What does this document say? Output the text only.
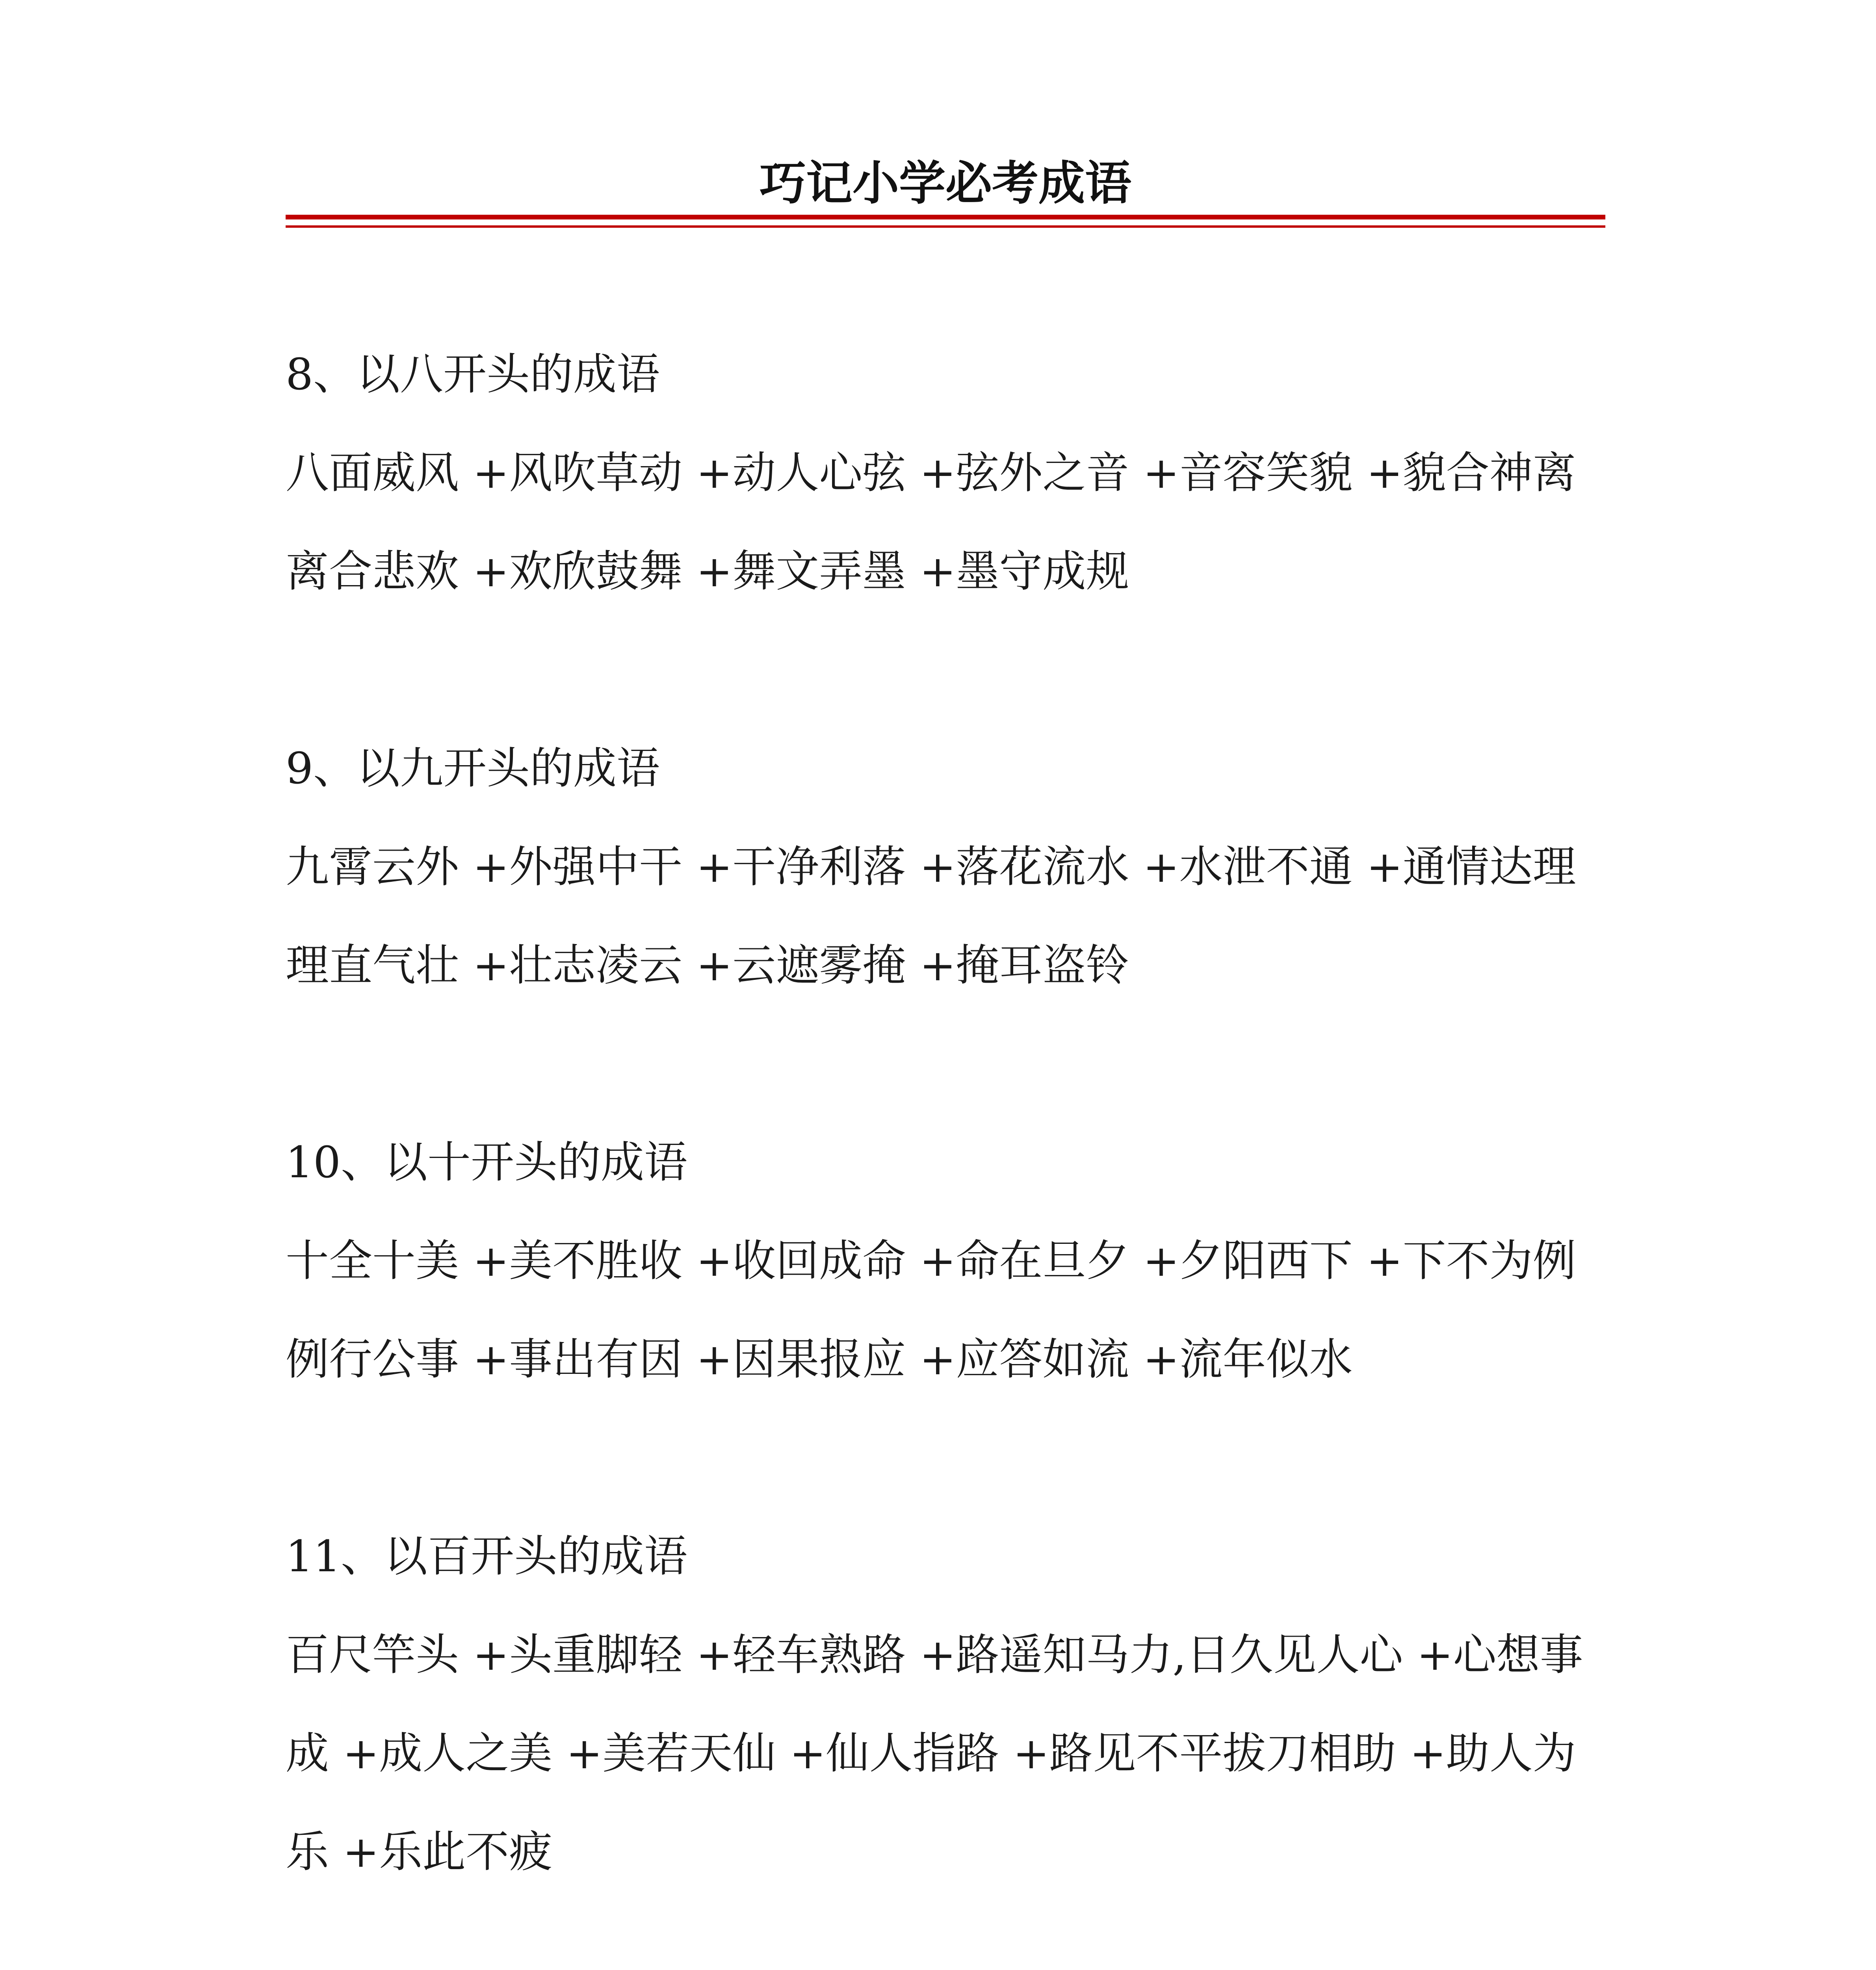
巧记小学必考成语
8、以八开头的成语
八面威风 +风吹草动 +动人心弦 +弦外之音 +音容笑貌 +貌合神离
离合悲欢 +欢欣鼓舞 +舞文弄墨 +墨守成规
9、以九开头的成语
九霄云外 +外强中干 +干净利落 +落花流水 +水泄不通 +通情达理
理直气壮 +壮志凌云 +云遮雾掩 +掩耳盗铃
10、以十开头的成语
十全十美 +美不胜收 +收回成命 +命在旦夕 +夕阳西下 +下不为例
例行公事 +事出有因 +因果报应 +应答如流 +流年似水
11、以百开头的成语
百尺竿头 +头重脚轻 +轻车熟路 +路遥知马力,日久见人心 +心想事
成 +成人之美 +美若天仙 +仙人指路 +路见不平拔刀相助 +助人为
乐 +乐此不疲
